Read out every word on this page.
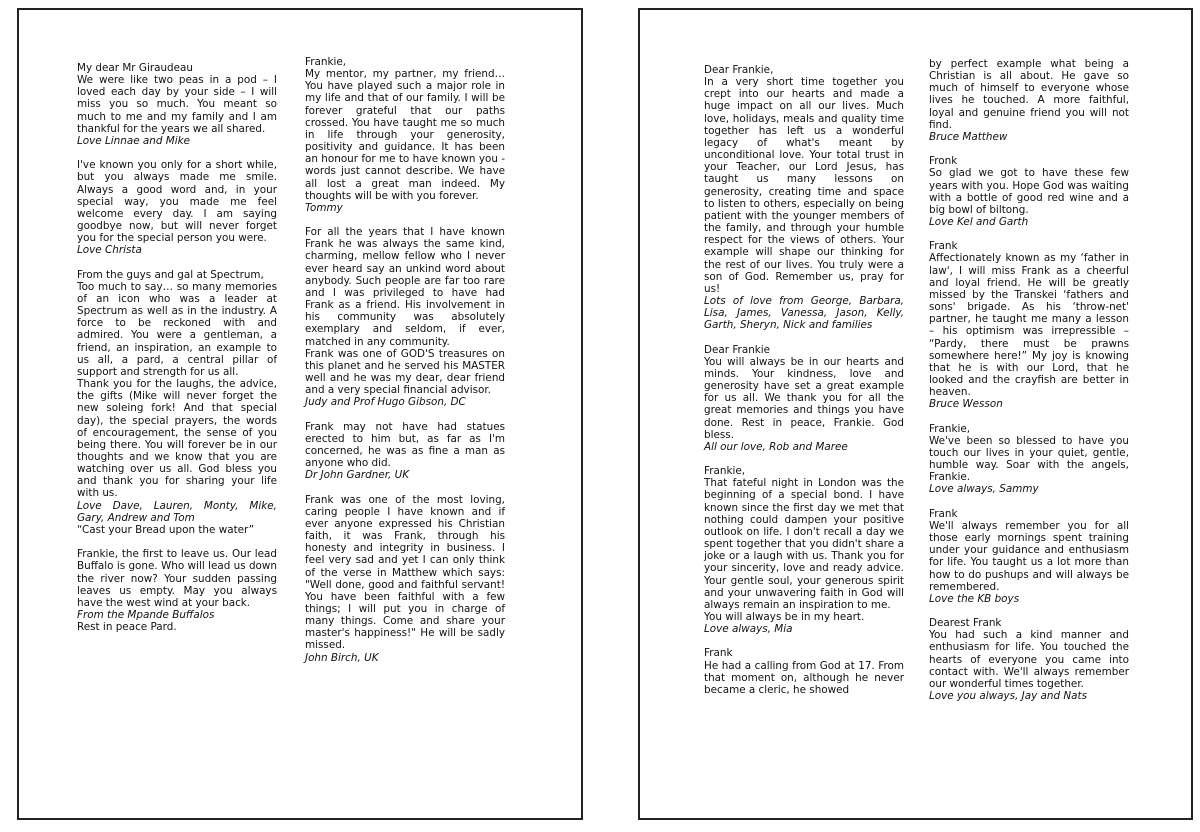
My dear Mr Giraudeau
We were like two peas in a pod – I loved each day by your side – I will miss you so much. You meant so much to me and my family and I am thankful for the years we all shared.
Love Linnae and Mike
I've known you only for a short while, but you always made me smile. Always a good word and, in your special way, you made me feel welcome every day. I am saying goodbye now, but will never forget you for the special person you were.
Love Christa
From the guys and gal at Spectrum,
Too much to say… so many memories of an icon who was a leader at Spectrum as well as in the industry. A force to be reckoned with and admired. You were a gentleman, a friend, an inspiration, an example to us all, a pard, a central pillar of support and strength for us all.
Thank you for the laughs, the advice, the gifts (Mike will never forget the new soleing fork! And that special day), the special prayers, the words of encouragement, the sense of you being there. You will forever be in our thoughts and we know that you are watching over us all. God bless you and thank you for sharing your life with us.
Love Dave, Lauren, Monty, Mike, Gary, Andrew and Tom
“Cast your Bread upon the water”
Frankie, the first to leave us. Our lead Buffalo is gone. Who will lead us down the river now? Your sudden passing leaves us empty. May you always have the west wind at your back.
From the Mpande Buffalos
Rest in peace Pard.
Frankie,
My mentor, my partner, my friend… You have played such a major role in my life and that of our family. I will be forever grateful that our paths crossed. You have taught me so much in life through your generosity, positivity and guidance. It has been an honour for me to have known you - words just cannot describe. We have all lost a great man indeed. My thoughts will be with you forever.
Tommy
For all the years that I have known Frank he was always the same kind, charming, mellow fellow who I never ever heard say an unkind word about anybody. Such people are far too rare and I was privileged to have had Frank as a friend. His involvement in his community was absolutely exemplary and seldom, if ever, matched in any community.
Frank was one of GOD'S treasures on this planet and he served his MASTER well and he was my dear, dear friend and a very special financial advisor.
Judy and Prof Hugo Gibson, DC
Frank may not have had statues erected to him but, as far as I'm concerned, he was as fine a man as anyone who did.
Dr John Gardner, UK
Frank was one of the most loving, caring people I have known and if ever anyone expressed his Christian faith, it was Frank, through his honesty and integrity in business. I feel very sad and yet I can only think of the verse in Matthew which says: "Well done, good and faithful servant! You have been faithful with a few things; I will put you in charge of many things. Come and share your master's happiness!" He will be sadly missed.
John Birch, UK
Dear Frankie,
In a very short time together you crept into our hearts and made a huge impact on all our lives. Much love, holidays, meals and quality time together has left us a wonderful legacy of what's meant by unconditional love. Your total trust in your Teacher, our Lord Jesus, has taught us many lessons on generosity, creating time and space to listen to others, especially on being patient with the younger members of the family, and through your humble respect for the views of others. Your example will shape our thinking for the rest of our lives. You truly were a son of God. Remember us, pray for us!
Lots of love from George, Barbara, Lisa, James, Vanessa, Jason, Kelly, Garth, Sheryn, Nick and families
Dear Frankie
You will always be in our hearts and minds. Your kindness, love and generosity have set a great example for us all. We thank you for all the great memories and things you have done. Rest in peace, Frankie. God bless.
All our love, Rob and Maree
Frankie,
That fateful night in London was the beginning of a special bond. I have known since the first day we met that nothing could dampen your positive outlook on life. I don't recall a day we spent together that you didn't share a joke or a laugh with us. Thank you for your sincerity, love and ready advice. Your gentle soul, your generous spirit and your unwavering faith in God will always remain an inspiration to me.
You will always be in my heart.
Love always, Mia
Frank
He had a calling from God at 17. From that moment on, although he never became a cleric, he showed
by perfect example what being a Christian is all about. He gave so much of himself to everyone whose lives he touched. A more faithful, loyal and genuine friend you will not find.
Bruce Matthew
Fronk
So glad we got to have these few years with you. Hope God was waiting with a bottle of good red wine and a big bowl of biltong.
Love Kel and Garth
Frank
Affectionately known as my ‘father in law', I will miss Frank as a cheerful and loyal friend. He will be greatly missed by the Transkei ‘fathers and sons' brigade. As his ‘throw-net' partner, he taught me many a lesson – his optimism was irrepressible – “Pardy, there must be prawns somewhere here!” My joy is knowing that he is with our Lord, that he looked and the crayfish are better in heaven.
Bruce Wesson
Frankie,
We've been so blessed to have you touch our lives in your quiet, gentle, humble way. Soar with the angels, Frankie.
Love always, Sammy
Frank
We'll always remember you for all those early mornings spent training under your guidance and enthusiasm for life. You taught us a lot more than how to do pushups and will always be remembered.
Love the KB boys
Dearest Frank
You had such a kind manner and enthusiasm for life. You touched the hearts of everyone you came into contact with. We'll always remember our wonderful times together.
Love you always, Jay and Nats
